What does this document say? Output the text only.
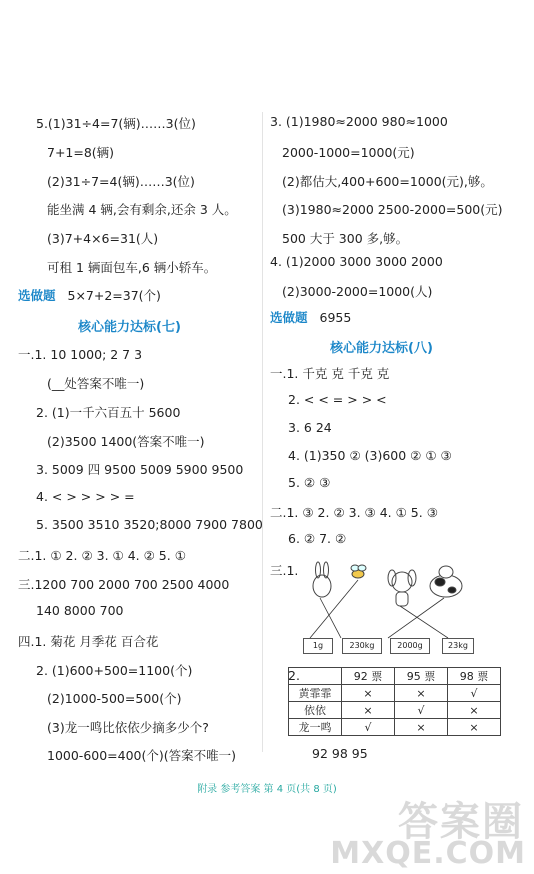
5.(1)31÷4=7(辆)……3(位)
7+1=8(辆)
(2)31÷7=4(辆)……3(位)
能坐满 4 辆,会有剩余,还余 3 人。
(3)7+4×6=31(人)
可租 1 辆面包车,6 辆小轿车。
选做题 5×7+2=37(个)
核心能力达标(七)
一.1. 10 1000; 2 7 3
(__处答案不唯一)
2. (1)一千六百五十 5600
(2)3500 1400(答案不唯一)
3. 5009 四 9500 5009 5900 9500
4. < > > > > =
5. 3500 3510 3520;8000 7900 7800
二.1. ① 2. ② 3. ① 4. ② 5. ①
三.1200 700 2000 700 2500 4000
140 8000 700
四.1. 菊花 月季花 百合花
2. (1)600+500=1100(个)
(2)1000-500=500(个)
(3)龙一鸣比依依少摘多少个?
1000-600=400(个)(答案不唯一)
3. (1)1980≈2000 980≈1000
2000-1000=1000(元)
(2)都估大,400+600=1000(元),够。
(3)1980≈2000 2500-2000=500(元)
500 大于 300 多,够。
4. (1)2000 3000 3000 2000
(2)3000-2000=1000(人)
选做题 6955
核心能力达标(八)
一.1. 千克 克 千克 克
2. < < = > > <
3. 6 24
4. (1)350 ② (3)600 ② ① ③
5. ② ③
二.1. ③ 2. ② 3. ③ 4. ① 5. ③
6. ② 7. ②
三.1.
1g	230kg	2000g	23kg
2.
		92 票	95 票	98 票
黄霏霏	×	×	√
依依	×	√	×
龙一鸣	√	×	×
92 98 95
附录 参考答案 第 4 页(共 8 页)
答案圈
MXQE.COM
